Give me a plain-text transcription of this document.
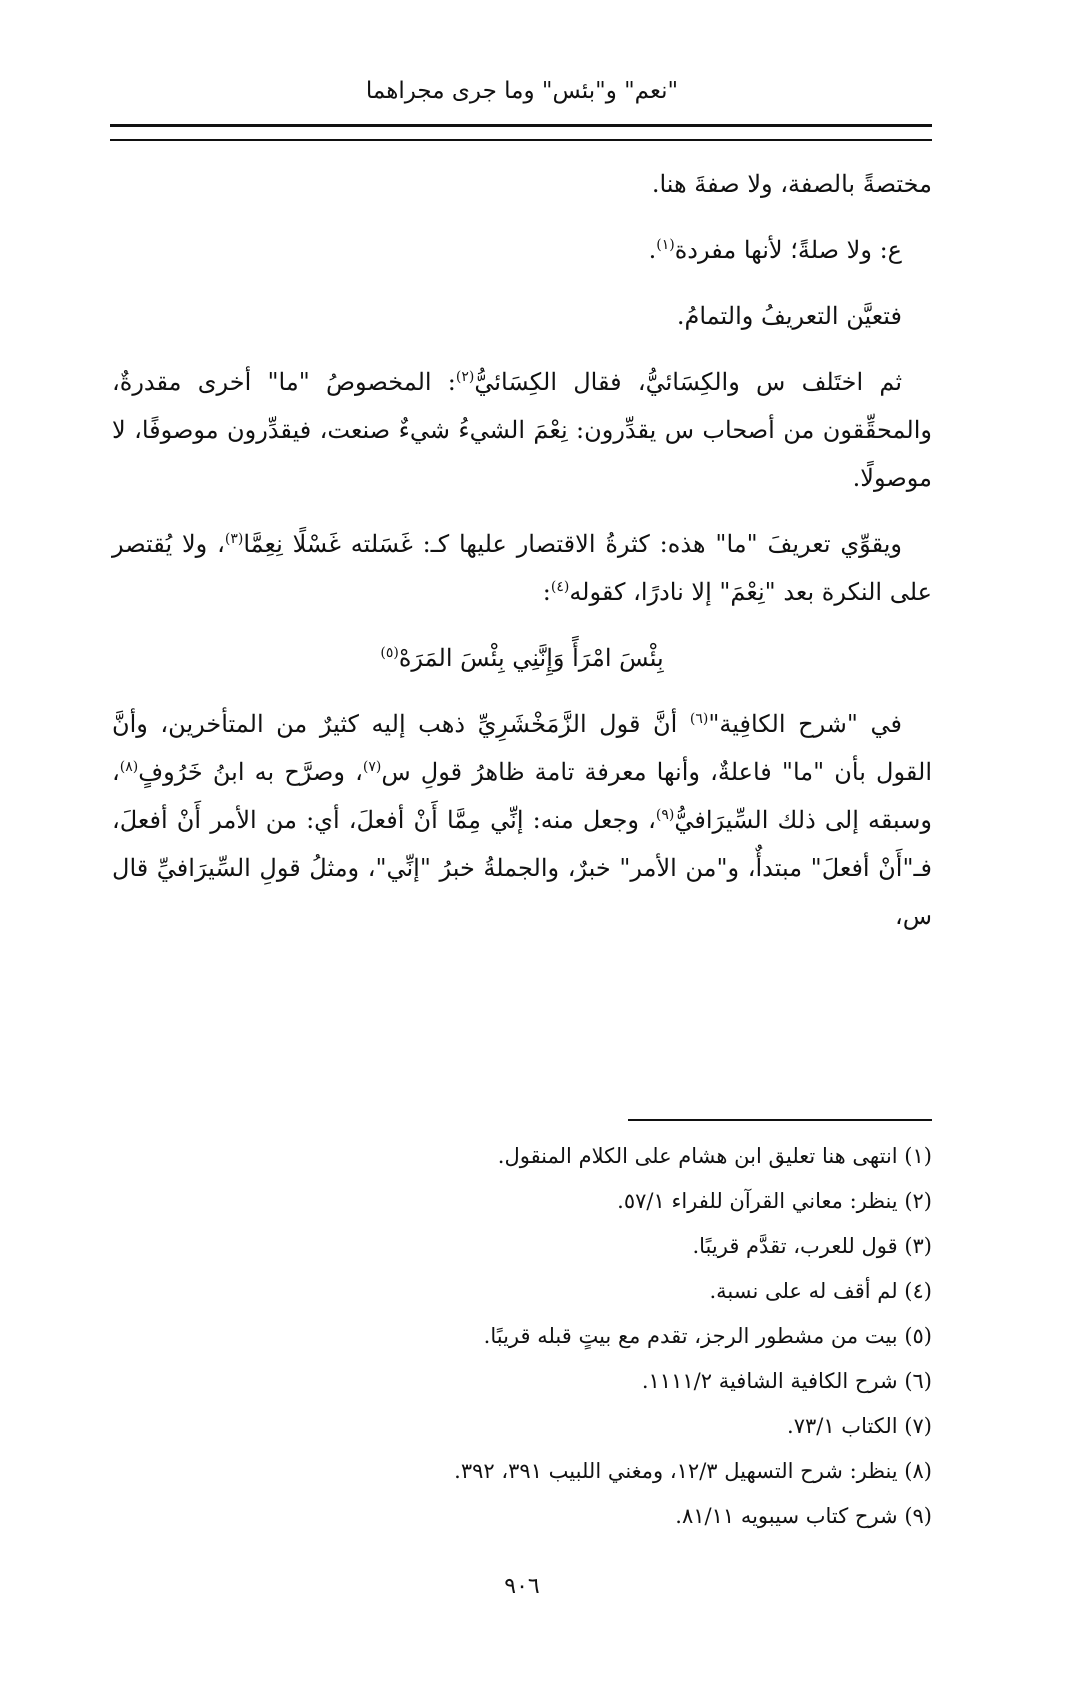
"نعم" و"بئس" وما جرى مجراهما

مختصةً بالصفة، ولا صفةَ هنا.

ع: ولا صلةً؛ لأنها مفردة$^{(١)}$.

فتعيَّن التعريفُ والتمامُ.

ثم اختَلف س والكِسَائيُّ، فقال الكِسَائيُّ$^{(٢)}$: المخصوصُ "ما" أخرى مقدرةٌ، والمحقِّقون من أصحاب س يقدِّرون: نِعْمَ الشيءُ شيءٌ صنعت، فيقدِّرون موصوفًا، لا موصولًا.

ويقوِّي تعريفَ "ما" هذه: كثرةُ الاقتصار عليها كـ: غَسَلته غَسْلًا نِعِمَّا$^{(٣)}$، ولا يُقتصر على النكرة بعد "نِعْمَ" إلا نادرًا، كقوله$^{(٤)}$:

بِئْسَ امْرَأً وَإِنَّنِي بِئْسَ المَرَهْ$^{(٥)}$

في "شرح الكافِية"$^{(٦)}$ أنَّ قول الزَّمَخْشَرِيِّ ذهب إليه كثيرٌ من المتأخرين، وأنَّ القول بأن "ما" فاعلةٌ، وأنها معرفة تامة ظاهرُ قولِ س$^{(٧)}$، وصرَّح به ابنُ خَرُوفٍ$^{(٨)}$، وسبقه إلى ذلك السِّيرَافيُّ$^{(٩)}$، وجعل منه: إنِّي مِمَّا أَنْ أفعلَ، أي: من الأمر أَنْ أفعلَ، فـ"أَنْ أفعلَ" مبتدأٌ، و"من الأمر" خبرٌ، والجملةُ خبرُ "إنِّي"، ومثلُ قولِ السِّيرَافيِّ قال س،

(١) انتهى هنا تعليق ابن هشام على الكلام المنقول.

(٢) ينظر: معاني القرآن للفراء ٥٧/١.

(٣) قول للعرب، تقدَّم قريبًا.

(٤) لم أقف له على نسبة.

(٥) بيت من مشطور الرجز، تقدم مع بيتٍ قبله قريبًا.

(٦) شرح الكافية الشافية ١١١١/٢.

(٧) الكتاب ٧٣/١.

(٨) ينظر: شرح التسهيل ١٢/٣، ومغني اللبيب ٣٩١، ٣٩٢.

(٩) شرح كتاب سيبويه ٨١/١١.

٩٠٦
